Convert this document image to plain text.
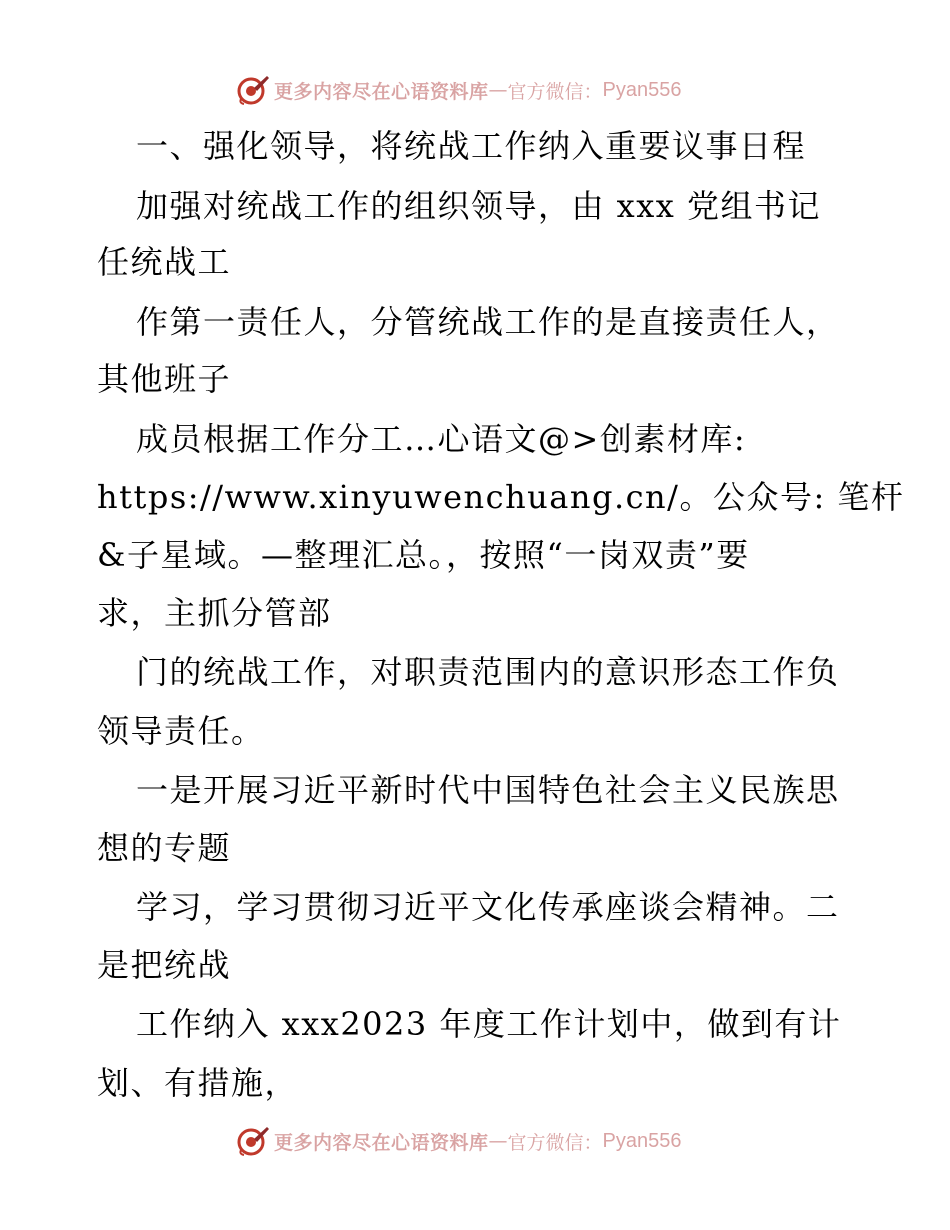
更多内容尽在心语资料库 — 官方微信： Pyan556
一、强化领导，将统战工作纳入重要议事日程
加强对统战工作的组织领导，由 xxx 党组书记
任统战工
作第一责任人，分管统战工作的是直接责任人，
其他班子
成员根据工作分工…心语文@>创素材库:
https://www.xinyuwenchuang.cn/。公众号: 笔杆
&子星域。—整理汇总。，按照“一岗双责”要
求，主抓分管部
门的统战工作，对职责范围内的意识形态工作负
领导责任。
一是开展习近平新时代中国特色社会主义民族思
想的专题
学习，学习贯彻习近平文化传承座谈会精神。二
是把统战
工作纳入 xxx2023 年度工作计划中，做到有计
划、有措施，
更多内容尽在心语资料库 — 官方微信： Pyan556
